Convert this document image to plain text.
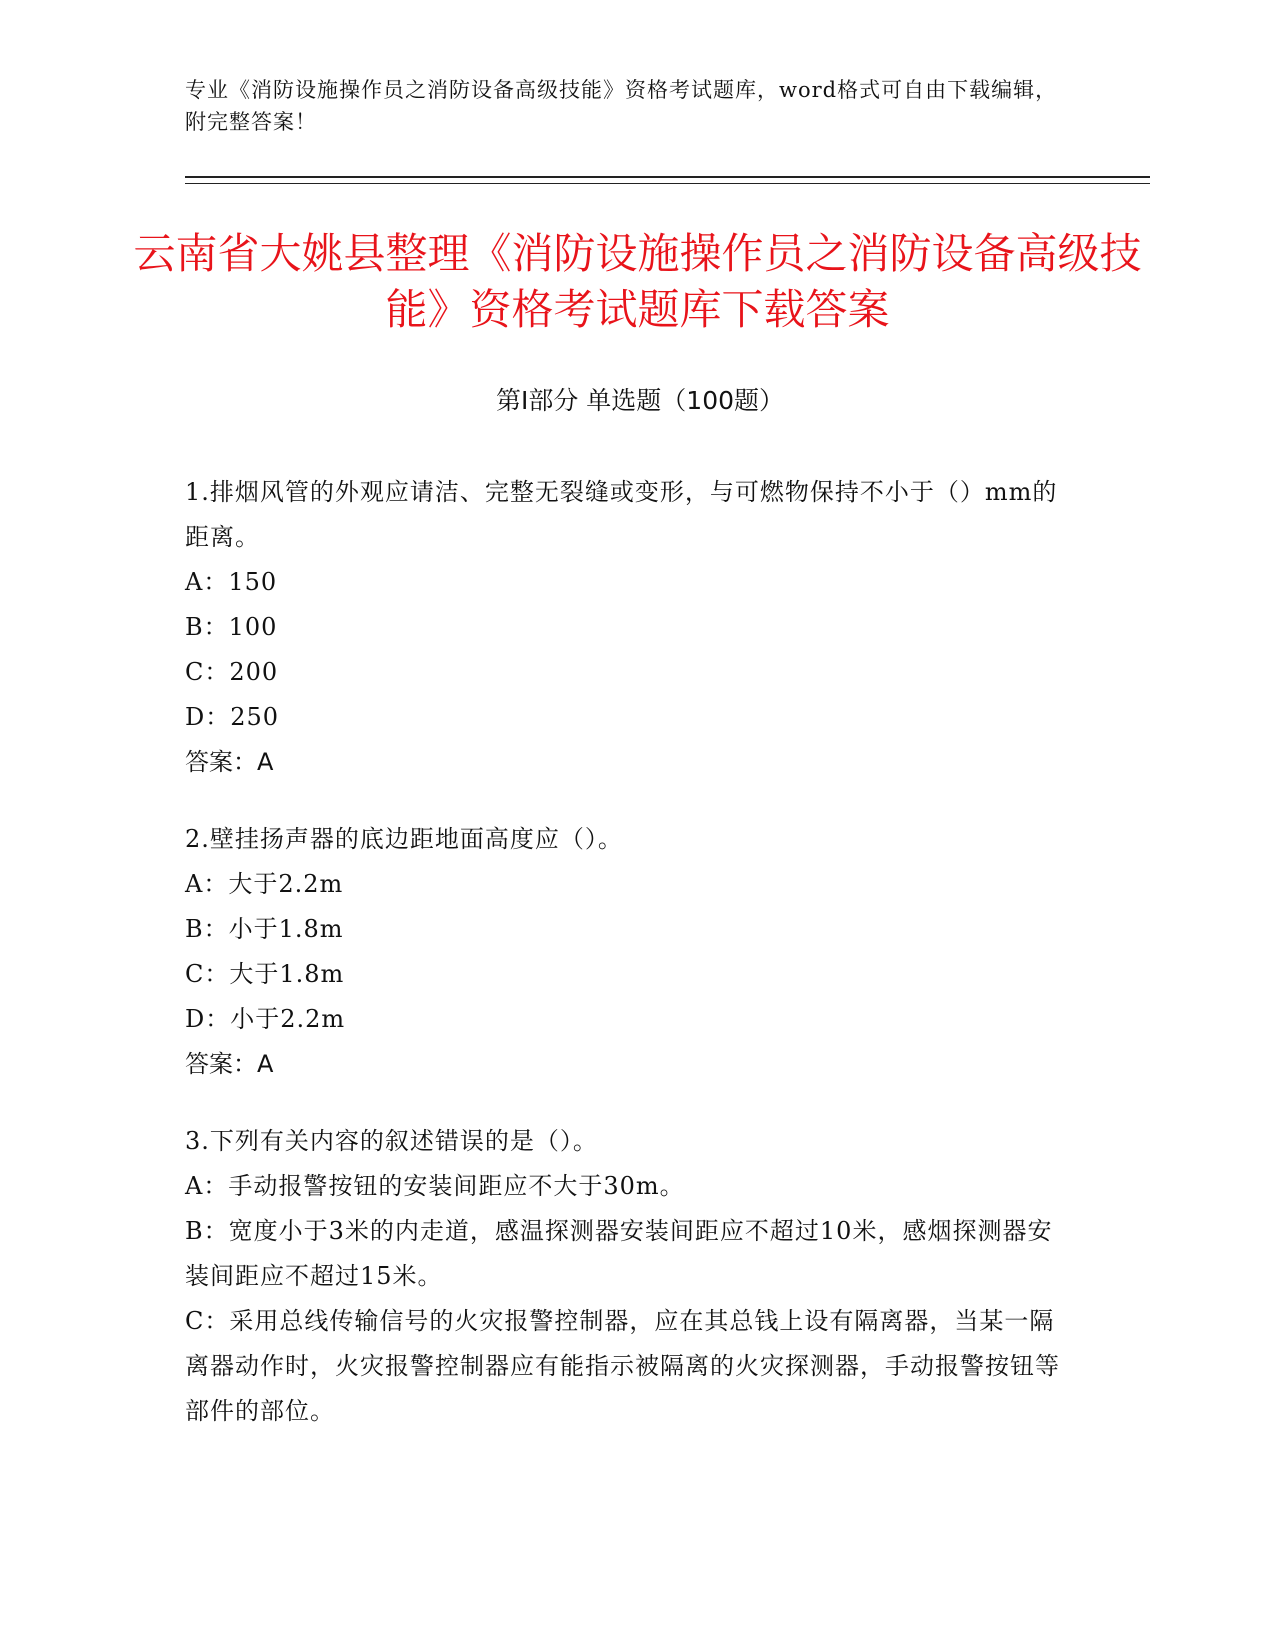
专业《消防设施操作员之消防设备高级技能》资格考试题库，word格式可自由下载编辑，附完整答案！
云南省大姚县整理《消防设施操作员之消防设备高级技能》资格考试题库下载答案
第Ⅰ部分 单选题（100题）
1.排烟风管的外观应请洁、完整无裂缝或变形，与可燃物保持不小于（）mm的距离。
A：150
B：100
C：200
D：250
答案：A
2.壁挂扬声器的底边距地面高度应（）。
A：大于2.2m
B：小于1.8m
C：大于1.8m
D：小于2.2m
答案：A
3.下列有关内容的叙述错误的是（）。
A：手动报警按钮的安装间距应不大于30m。
B：宽度小于3米的内走道，感温探测器安装间距应不超过10米，感烟探测器安装间距应不超过15米。
C：采用总线传输信号的火灾报警控制器，应在其总钱上设有隔离器，当某一隔离器动作时，火灾报警控制器应有能指示被隔离的火灾探测器，手动报警按钮等部件的部位。
